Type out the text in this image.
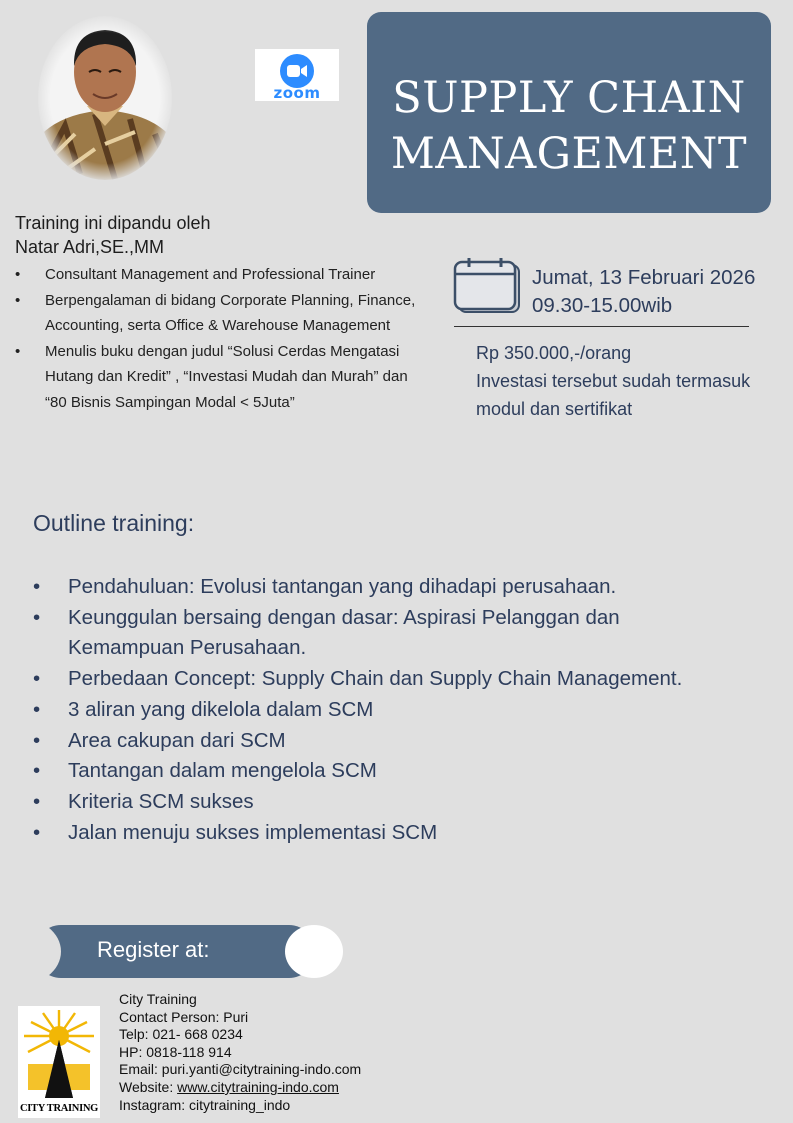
zoom	SUPPLY CHAIN
MANAGEMENT
Training ini dipandu oleh
Natar Adri,SE.,MM
• Consultant Management and Professional Trainer
• Berpengalaman di bidang Corporate Planning, Finance, Accounting, serta Office & Warehouse Management
• Menulis buku dengan judul “Solusi Cerdas Mengatasi Hutang dan Kredit” , “Investasi Mudah dan Murah” dan “80 Bisnis Sampingan Modal < 5Juta”
Jumat, 13 Februari 2026
09.30-15.00wib
Rp 350.000,-/orang
Investasi tersebut sudah termasuk
modul dan sertifikat
Outline training:
• Pendahuluan: Evolusi tantangan yang dihadapi perusahaan.
• Keunggulan bersaing dengan dasar: Aspirasi Pelanggan dan Kemampuan Perusahaan.
• Perbedaan Concept: Supply Chain dan Supply Chain Management.
• 3 aliran yang dikelola dalam SCM
• Area cakupan dari SCM
• Tantangan dalam mengelola SCM
• Kriteria SCM sukses
• Jalan menuju sukses implementasi SCM
Register at:
CITY TRAINING
City Training
Contact Person: Puri
Telp: 021- 668 0234
HP: 0818-118 914
Email: puri.yanti@citytraining-indo.com
Website: www.citytraining-indo.com
Instagram: citytraining_indo
